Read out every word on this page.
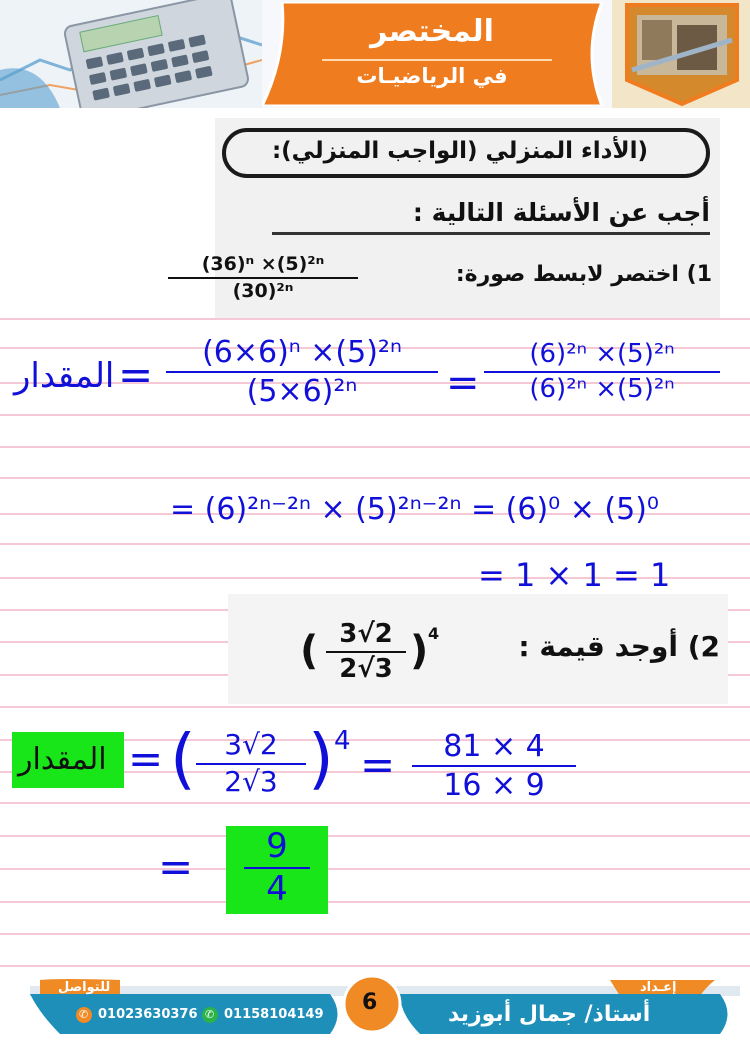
المختصر
في الرياضيـات
(الأداء المنزلي (الواجب المنزلي):
أجب عن الأسئلة التالية :
1) اختصر لابسط صورة:
(36)ⁿ ×(5)²ⁿ
(30)²ⁿ
المقدار =	(6×6)ⁿ ×(5)²ⁿ
(5×6)²ⁿ	=
(6)²ⁿ ×(5)²ⁿ
(6)²ⁿ ×(5)²ⁿ
= (6)²ⁿ⁻²ⁿ × (5)²ⁿ⁻²ⁿ = (6)⁰ × (5)⁰
= 1 × 1 = 1
2) أوجد قيمة :
( 3√2
2√3 ) 4
المقدار = (	3√2
2√3 ) 4 =	81 × 4
16 × 9
=	9
4
للتواصل
✆ 01023630376 ✆ 01158104149 6
إعـداد
أستاذ/ جمال أبوزيد
